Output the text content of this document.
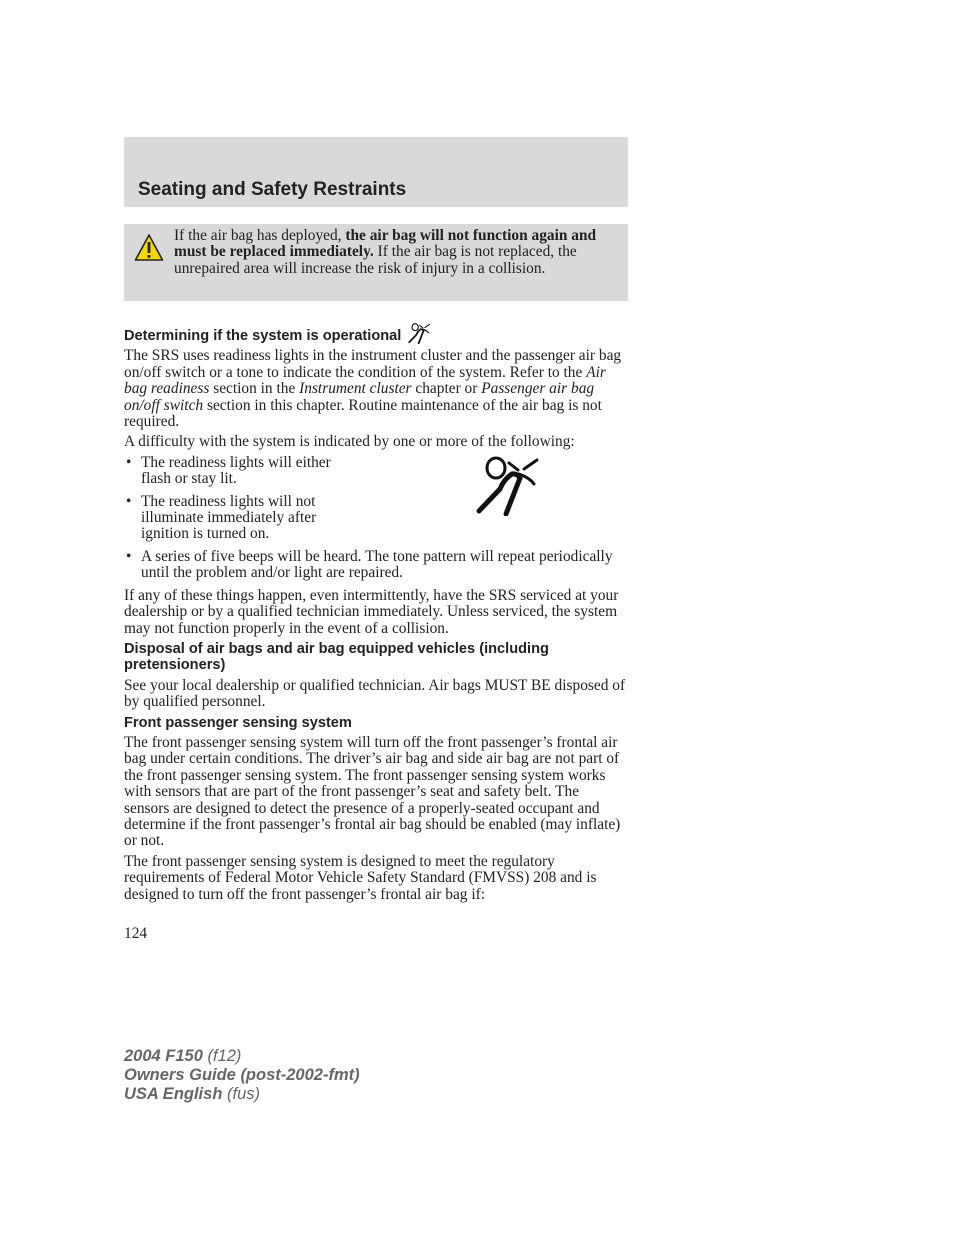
Seating and Safety Restraints

If the air bag has deployed, the air bag will not function again and must be replaced immediately. If the air bag is not replaced, the unrepaired area will increase the risk of injury in a collision.

Determining if the system is operational

The SRS uses readiness lights in the instrument cluster and the passenger air bag on/off switch or a tone to indicate the condition of the system. Refer to the Air bag readiness section in the Instrument cluster chapter or Passenger air bag on/off switch section in this chapter. Routine maintenance of the air bag is not required.

A difficulty with the system is indicated by one or more of the following:

• The readiness lights will either flash or stay lit.
• The readiness lights will not illuminate immediately after ignition is turned on.
• A series of five beeps will be heard. The tone pattern will repeat periodically until the problem and/or light are repaired.

If any of these things happen, even intermittently, have the SRS serviced at your dealership or by a qualified technician immediately. Unless serviced, the system may not function properly in the event of a collision.

Disposal of air bags and air bag equipped vehicles (including pretensioners)

See your local dealership or qualified technician. Air bags MUST BE disposed of by qualified personnel.

Front passenger sensing system

The front passenger sensing system will turn off the front passenger’s frontal air bag under certain conditions. The driver’s air bag and side air bag are not part of the front passenger sensing system. The front passenger sensing system works with sensors that are part of the front passenger’s seat and safety belt. The sensors are designed to detect the presence of a properly-seated occupant and determine if the front passenger’s frontal air bag should be enabled (may inflate) or not.

The front passenger sensing system is designed to meet the regulatory requirements of Federal Motor Vehicle Safety Standard (FMVSS) 208 and is designed to turn off the front passenger’s frontal air bag if:

124
2004 F150 (f12)
Owners Guide (post-2002-fmt)
USA English (fus)
